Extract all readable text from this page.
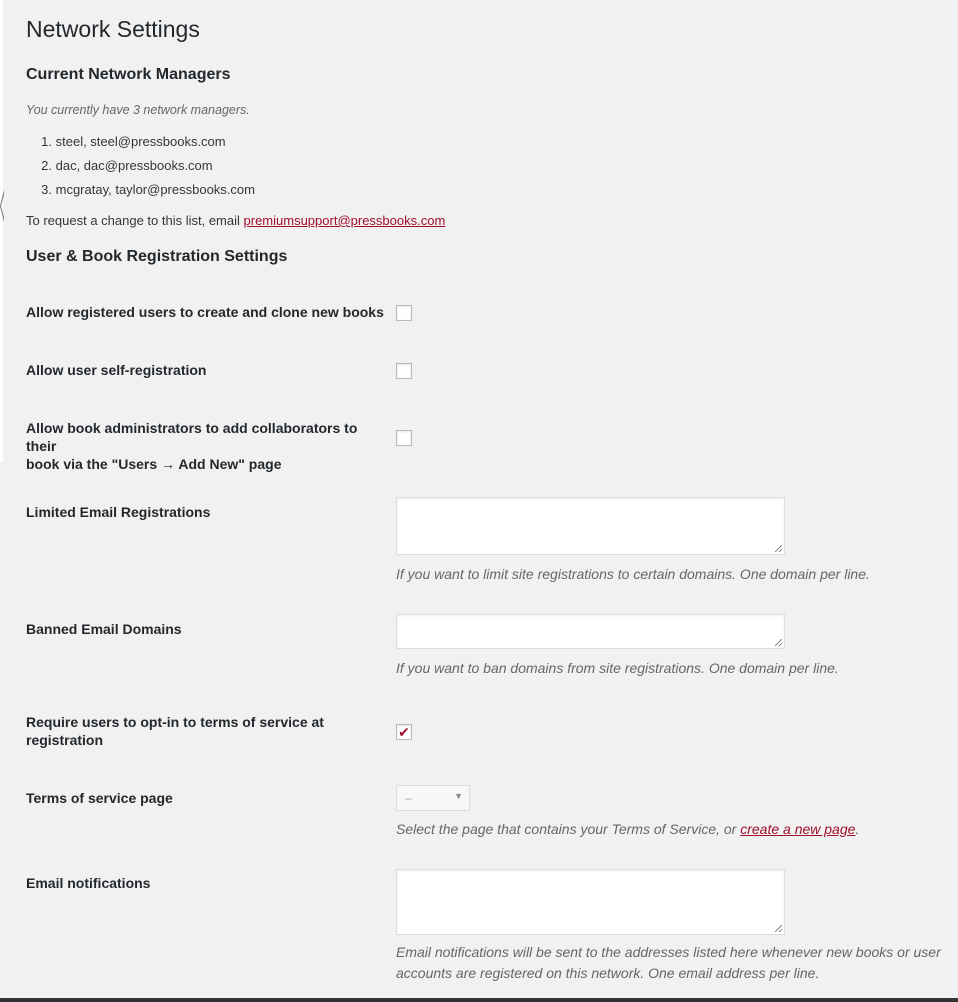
Network Settings
Current Network Managers

You currently have 3 network managers.

1. steel, steel@pressbooks.com
2. dac, dac@pressbooks.com
3. mcgratay, taylor@pressbooks.com

To request a change to this list, email premiumsupport@pressbooks.com

User & Book Registration Settings
Allow registered users to create and clone new books
Allow user self-registration
Allow book administrators to add collaborators to their
book via the "Users → Add New" page
Limited Email Registrations

If you want to limit site registrations to certain domains. One domain per line.

Banned Email Domains

If you want to ban domains from site registrations. One domain per line.

Require users to opt-in to terms of service at
registration	✔
Terms of service page	–	▼

Select the page that contains your Terms of Service, or create a new page.

Email notifications

Email notifications will be sent to the addresses listed here whenever new books or user

accounts are registered on this network. One email address per line.
